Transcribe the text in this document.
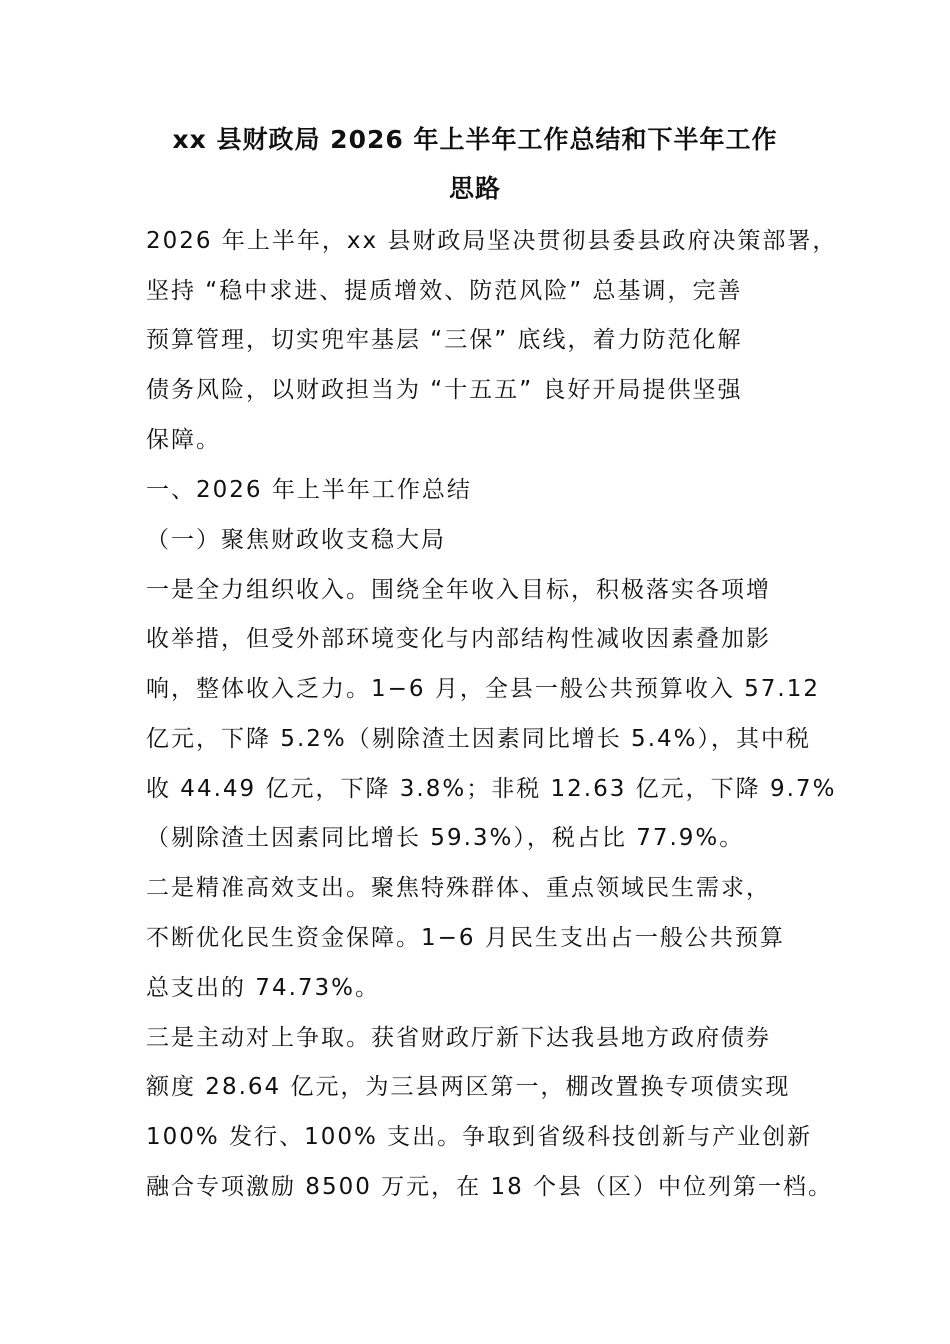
xx 县财政局 2026 年上半年工作总结和下半年工作
思路

2026 年上半年，xx 县财政局坚决贯彻县委县政府决策部署，

坚持 “稳中求进、提质增效、防范风险” 总基调，完善

预算管理，切实兜牢基层 “三保” 底线，着力防范化解

债务风险，以财政担当为 “十五五” 良好开局提供坚强

保障。

一、2026 年上半年工作总结

（一）聚焦财政收支稳大局

一是全力组织收入。围绕全年收入目标，积极落实各项增

收举措，但受外部环境变化与内部结构性减收因素叠加影

响，整体收入乏力。1−6 月，全县一般公共预算收入 57.12

亿元，下降 5.2%（剔除渣土因素同比增长 5.4%），其中税

收 44.49 亿元，下降 3.8%；非税 12.63 亿元，下降 9.7%

（剔除渣土因素同比增长 59.3%），税占比 77.9%。

二是精准高效支出。聚焦特殊群体、重点领域民生需求，

不断优化民生资金保障。1−6 月民生支出占一般公共预算

总支出的 74.73%。

三是主动对上争取。获省财政厅新下达我县地方政府债券

额度 28.64 亿元，为三县两区第一，棚改置换专项债实现

100% 发行、100% 支出。争取到省级科技创新与产业创新

融合专项激励 8500 万元，在 18 个县（区）中位列第一档。
